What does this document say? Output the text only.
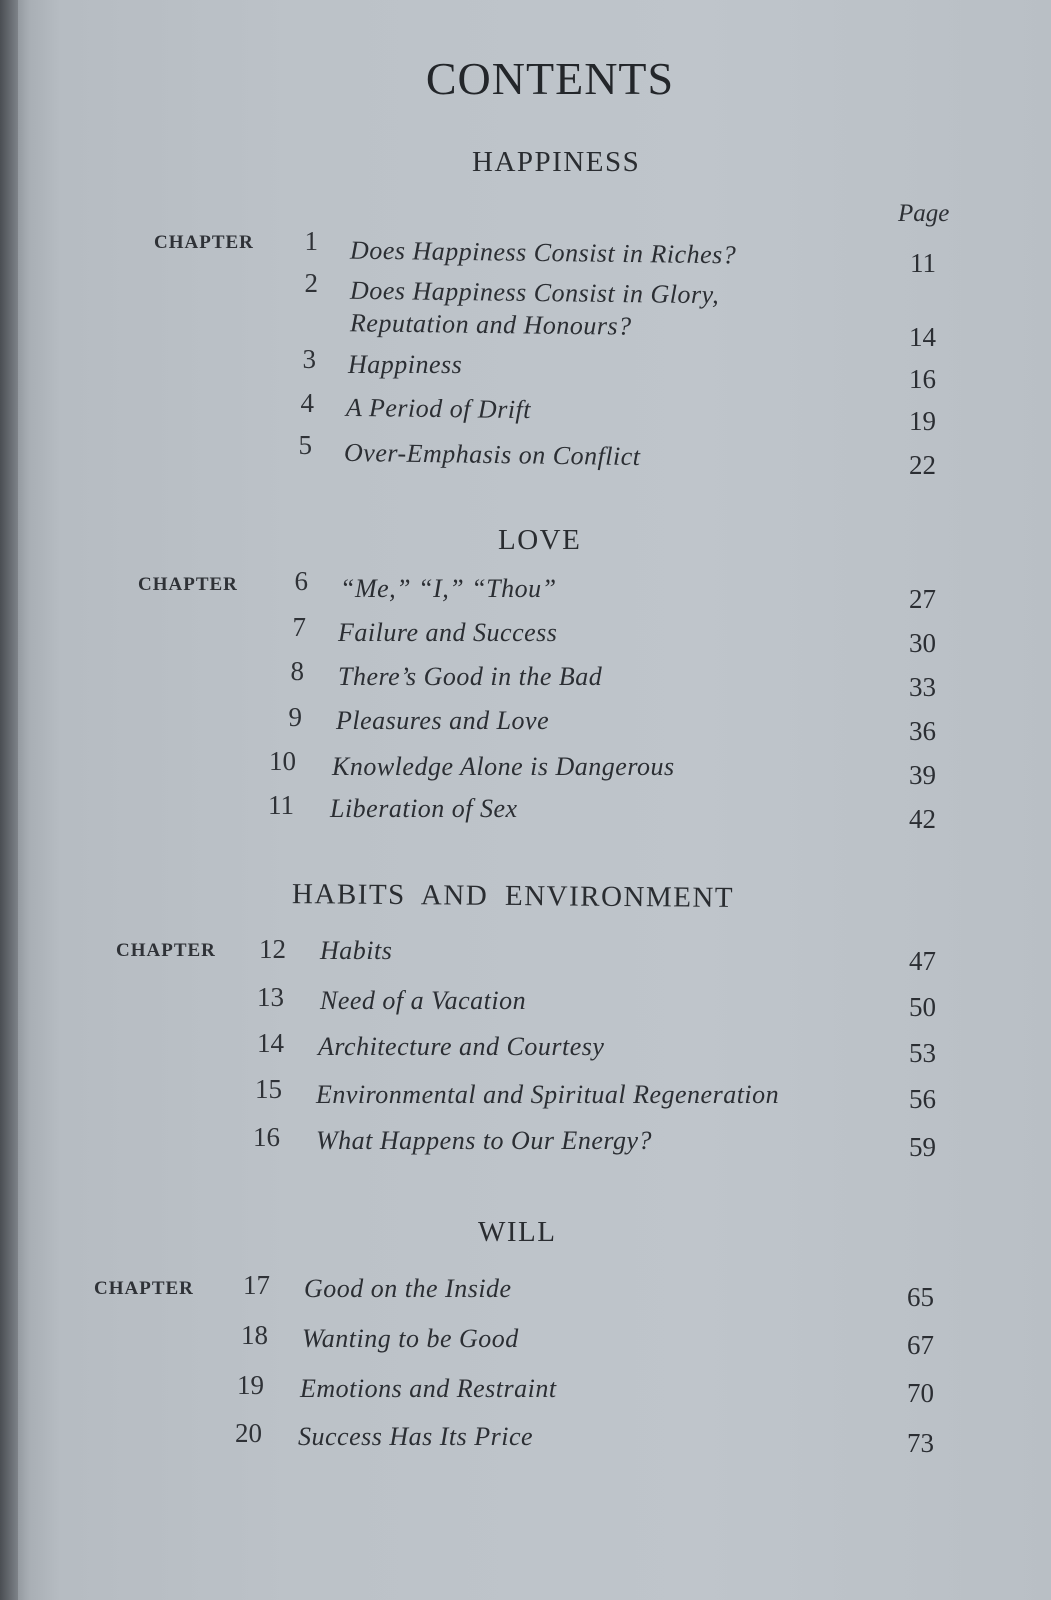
CONTENTS
HAPPINESS
Page
CHAPTER	1 Does Happiness Consist in Riches?	11
2 Does Happiness Consist in Glory,
Reputation and Honours?	14
3 Happiness	16
4 A Period of Drift	19
5 Over-Emphasis on Conflict	22
LOVE
CHAPTER	6 “Me,” “I,” “Thou”	27
7 Failure and Success	30
8 There’s Good in the Bad	33
9 Pleasures and Love	36
10 Knowledge Alone is Dangerous	39
11 Liberation of Sex	42
HABITS AND ENVIRONMENT
CHAPTER	12 Habits	47
13 Need of a Vacation	50
14 Architecture and Courtesy	53
15 Environmental and Spiritual Regeneration	56
16 What Happens to Our Energy?	59
WILL
CHAPTER	17 Good on the Inside	65
18 Wanting to be Good	67
19 Emotions and Restraint	70
20 Success Has Its Price	73
